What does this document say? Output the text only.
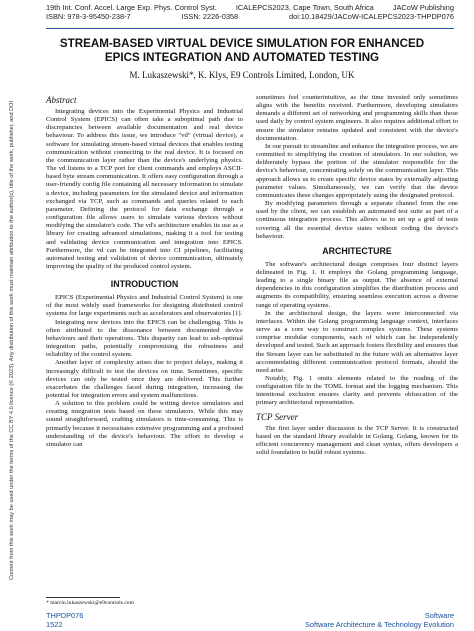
19th Int. Conf. Accel. Large Exp. Phys. Control Syst.	ICALEPCS2023, Cape Town, South Africa	JACoW Publishing
ISBN: 978-3-95450-238-7	ISSN: 2226-0358	doi:10.18429/JACoW-ICALEPCS2023-THPDP076
Content from this work may be used under the terms of the CC BY 4.0 licence (© 2023). Any distribution of this work must maintain attribution to the author(s), title of the work, publisher, and DOI
STREAM-BASED VIRTUAL DEVICE SIMULATION FOR ENHANCED
EPICS INTEGRATION AND AUTOMATED TESTING
M. Lukaszewski*, K. Klys, E9 Controls Limited, London, UK
Abstract

Integrating devices into the Experimental Physics and Industrial Control System (EPICS) can often take a suboptimal path due to discrepancies between available documentation and real device behaviour. To address this issue, we introduce "vd" (virtual device), a software for simulating stream-based virtual devices that enables testing communication without connecting to the real device. It is focused on the communication layer rather than the device's underlying physics. The vd listens to a TCP port for client commands and employs ASCII-based byte stream communication. It offers easy configuration through a user-friendly config file containing all necessary information to simulate a device, including parameters for the simulated device and information exchanged via TCP, such as commands and queries related to each parameter. Defining the protocol for data exchange through a configuration file allows users to simulate various devices without modifying the simulator's code. The vd's architecture enables its use as a library for creating advanced simulations, making it a tool for testing and validating device communication and integration into EPICS. Furthermore, the vd can be integrated into CI pipelines, facilitating automated testing and validation of device communication, ultimately improving the quality of the produced control system.

INTRODUCTION

EPICS (Experimental Physics and Industrial Control System) is one of the most widely used frameworks for designing distributed control systems for large experiments such as accelerators and observatories [1].

Integrating new devices into the EPICS can be challenging. This is often attributed to the dissonance between documented device behaviours and their operations. This disparity can lead to sub-optimal integration paths, potentially compromising the robustness and reliability of the control system.

Another layer of complexity arises due to project delays, making it increasingly difficult to test the devices on time. Sometimes, specific devices can only be tested once they are delivered. This further exacerbates the challenges faced during integration, increasing the potential for integration errors and system malfunctions.

A solution to this problem could be writing device simulators and creating integration tests based on these simulators. While this may sound straightforward, crafting simulators is time-consuming. This is primarily because it necessitates extensive programming and a profound understanding of the device's behaviour. The effort to develop a simulator can

sometimes feel counterintuitive, as the time invested only sometimes aligns with the benefits received. Furthermore, developing simulators demands a different set of networking and programming skills than those used daily by control system engineers. It also requires additional effort to ensure the simulator remains updated and consistent with the device's documentation.

In our pursuit to streamline and enhance the integration process, we are committed to simplifying the creation of simulators. In our solution, we deliberately bypass the portion of the simulator responsible for the device's behaviour, concentrating solely on the communication layer. This approach allows us to create specific device states by externally adjusting parameter values. Simultaneously, we can verify that the device communicates these changes appropriately using the designated protocol.

By modifying parameters through a separate channel from the one used by the client, we can establish an automated test suite as part of a continuous integration process. This allows us to set up a grid of tests covering all the essential device states without coding the device's behaviour.

ARCHITECTURE

The software's architectural design comprises four distinct layers delineated in Fig. 1. It employs the Golang programming language, leading to a single binary file as output. The absence of external dependencies in this configuration simplifies the distribution process and augments its compatibility, ensuring seamless execution across a diverse range of operating systems.

In the architectural design, the layers were interconnected via interfaces. Within the Golang programming language context, interfaces serve as a core way to construct complex systems. These systems comprise modular components, each of which can be independently developed and tested. Such an approach fosters flexibility and ensures that the Stream layer can be substituted in the future with an alternative layer accommodating different communication protocol formats, should the need arise.

Notably, Fig. 1 omits elements related to the reading of the configuration file in the TOML format and the logging mechanism. This intentional exclusion ensures clarity and prevents obfuscation of the primary architectural representation.

TCP Server

The first layer under discussion is the TCP Server. It is constructed based on the standard library available in Golang. Golang, known for its efficient concurrency management and clean syntax, offers developers a solid foundation to build robust systems.

* marcin.lukaszewski@e9controls.com
THPDP076	Software
1522	Software Architecture & Technology Evolution
